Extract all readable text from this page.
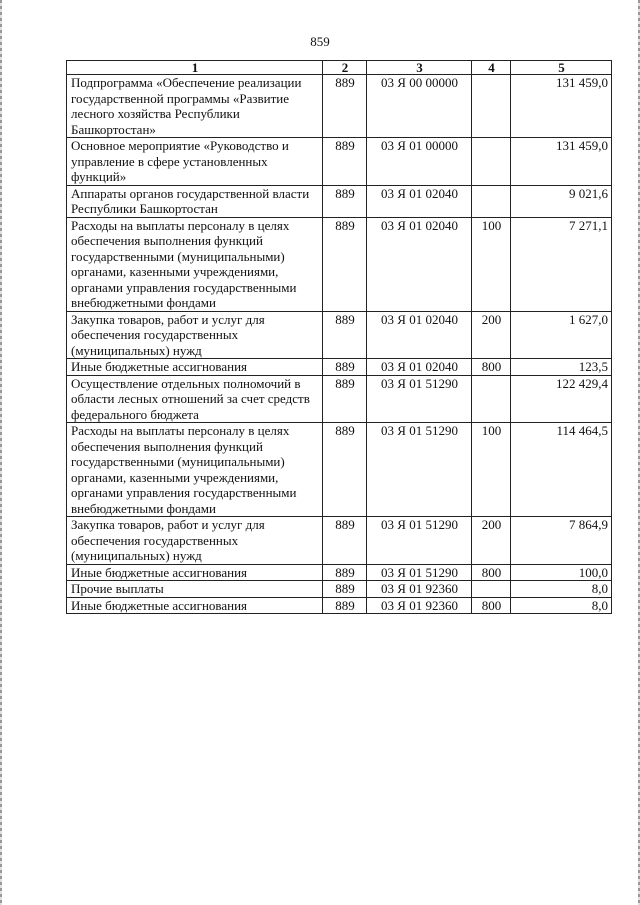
859
1	2	3	4	5
Подпрограмма «Обеспечение реализации государственной программы «Развитие лесного хозяйства Республики Башкортостан»	889	03 Я 00 00000		131 459,0
Основное мероприятие «Руководство и управление в сфере установленных функций»	889	03 Я 01 00000		131 459,0
Аппараты органов государственной власти Республики Башкортостан	889	03 Я 01 02040		9 021,6
Расходы на выплаты персоналу в целях обеспечения выполнения функций государственными (муниципальными) органами, казенными учреждениями, органами управления государственными внебюджетными фондами	889	03 Я 01 02040	100	7 271,1
Закупка товаров, работ и услуг для обеспечения государственных (муниципальных) нужд	889	03 Я 01 02040	200	1 627,0
Иные бюджетные ассигнования	889	03 Я 01 02040	800	123,5
Осуществление отдельных полномочий в области лесных отношений за счет средств федерального бюджета	889	03 Я 01 51290		122 429,4
Расходы на выплаты персоналу в целях обеспечения выполнения функций государственными (муниципальными) органами, казенными учреждениями, органами управления государственными внебюджетными фондами	889	03 Я 01 51290	100	114 464,5
Закупка товаров, работ и услуг для обеспечения государственных (муниципальных) нужд	889	03 Я 01 51290	200	7 864,9
Иные бюджетные ассигнования	889	03 Я 01 51290	800	100,0
Прочие выплаты	889	03 Я 01 92360		8,0
Иные бюджетные ассигнования	889	03 Я 01 92360	800	8,0
